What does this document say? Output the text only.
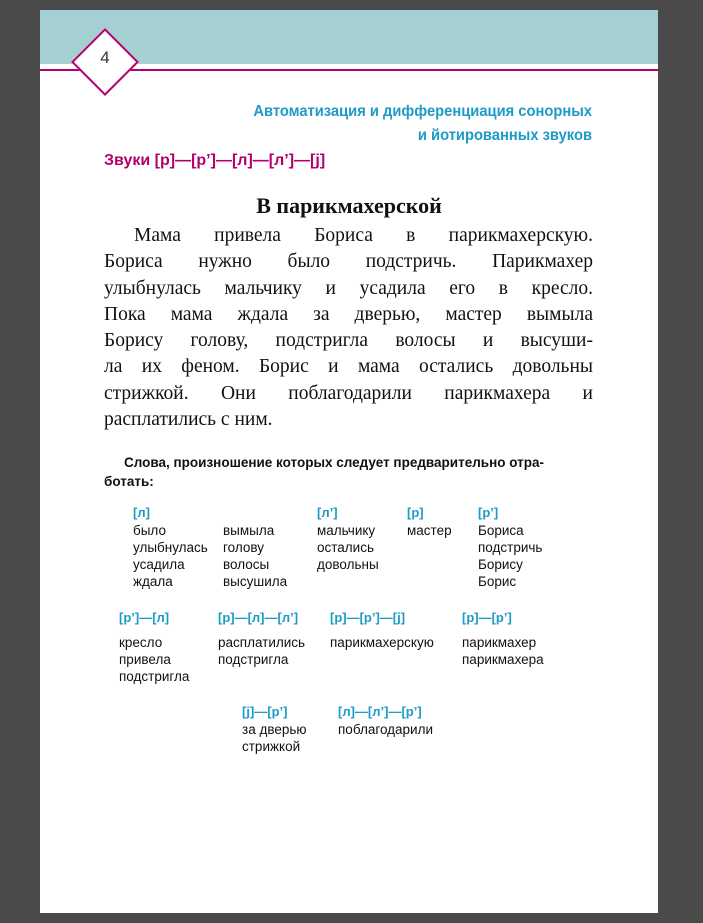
4
Автоматизация и дифференциация сонорных
и йотированных звуков
Звуки [р]—[р’]—[л]—[л’]—[j]
В парикмахерской
Мама привела Бориса в парикмахерскую.
Бориса нужно было подстричь. Парикмахер
улыбнулась мальчику и усадила его в кресло.
Пока мама ждала за дверью, мастер вымыла
Борису голову, подстригла волосы и высуши-
ла их феном. Борис и мама остались довольны
стрижкой. Они поблагодарили парикмахера и
расплатились с ним.
Слова, произношение которых следует предварительно отра-
ботать:
[л]
было
улыбнулась
усадила
ждала
вымыла
голову
волосы
высушила
[л’]
мальчику
остались
довольны
[р]
мастер
[р’]
Бориса
подстричь
Борису
Борис
[р’]—[л]
кресло
привела
подстригла
[р]—[л]—[л’]
расплатились
подстригла
[р]—[р’]—[j]
парикмахерскую
[р]—[р’]
парикмахер
парикмахера
[j]—[р’]
за дверью
стрижкой
[л]—[л’]—[р’]
поблагодарили
